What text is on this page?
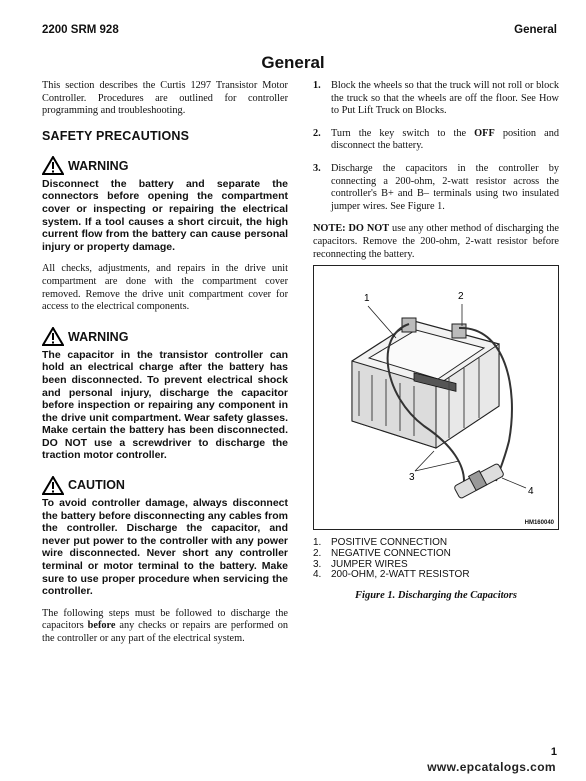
2200 SRM 928	General
General

This section describes the Curtis 1297 Transistor Motor Controller. Procedures are outlined for controller programming and troubleshooting.

SAFETY PRECAUTIONS
WARNING
Disconnect the battery and separate the connectors before opening the compartment cover or inspecting or repairing the electrical system. If a tool causes a short circuit, the high current flow from the battery can cause personal injury or property damage.

All checks, adjustments, and repairs in the drive unit compartment are done with the compartment cover removed. Remove the drive unit compartment cover for access to the electrical components.

WARNING
The capacitor in the transistor controller can hold an electrical charge after the battery has been disconnected. To prevent electrical shock and personal injury, discharge the capacitor before inspection or repairing any component in the drive unit compartment. Wear safety glasses. Make certain the battery has been disconnected. DO NOT use a screwdriver to discharge the traction motor controller.
CAUTION
To avoid controller damage, always disconnect the battery before disconnecting any cables from the controller. Discharge the capacitor, and never put power to the controller with any power wire disconnected. Never short any controller terminal or motor terminal to the battery. Make sure to use proper procedure when servicing the controller.

The following steps must be followed to discharge the capacitors before any checks or repairs are performed on the controller or any part of the electrical system.

1. Block the wheels so that the truck will not roll or block the truck so that the wheels are off the floor. See How to Put Lift Truck on Blocks.

2. Turn the key switch to the OFF position and disconnect the battery.

3. Discharge the capacitors in the controller by connecting a 200-ohm, 2-watt resistor across the controller's B+ and B– terminals using two insulated jumper wires. See Figure 1.

NOTE: DO NOT use any other method of discharging the capacitors. Remove the 200-ohm, 2-watt resistor before reconnecting the battery.

1	2
3
4
HM160040
1. POSITIVE CONNECTION
2. NEGATIVE CONNECTION
3. JUMPER WIRES
4. 200-OHM, 2-WATT RESISTOR
Figure 1. Discharging the Capacitors
1
www.epcatalogs.com
